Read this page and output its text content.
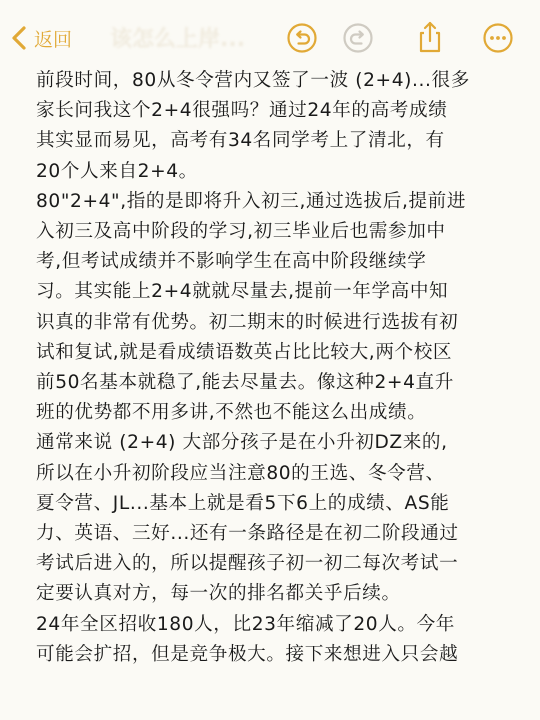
返回 该怎么上岸...

前段时间，80从冬令营内又签了一波 (2+4)...很多
家长问我这个2+4很强吗？通过24年的高考成绩
其实显而易见，高考有34名同学考上了清北，有
20个人来自2+4。

80"2+4",指的是即将升入初三,通过选拔后,提前进
入初三及高中阶段的学习,初三毕业后也需参加中
考,但考试成绩并不影响学生在高中阶段继续学
习。其实能上2+4就就尽量去,提前一年学高中知
识真的非常有优势。初二期末的时候进行选拔有初
试和复试,就是看成绩语数英占比比较大,两个校区
前50名基本就稳了,能去尽量去。像这种2+4直升
班的优势都不用多讲,不然也不能这么出成绩。

通常来说 (2+4) 大部分孩子是在小升初DZ来的,
所以在小升初阶段应当注意80的王选、冬令营、
夏令营、JL...基本上就是看5下6上的成绩、AS能
力、英语、三好...还有一条路径是在初二阶段通过
考试后进入的，所以提醒孩子初一初二每次考试一
定要认真对方，每一次的排名都关乎后续。

24年全区招收180人，比23年缩减了20人。今年
可能会扩招，但是竞争极大。接下来想进入只会越
